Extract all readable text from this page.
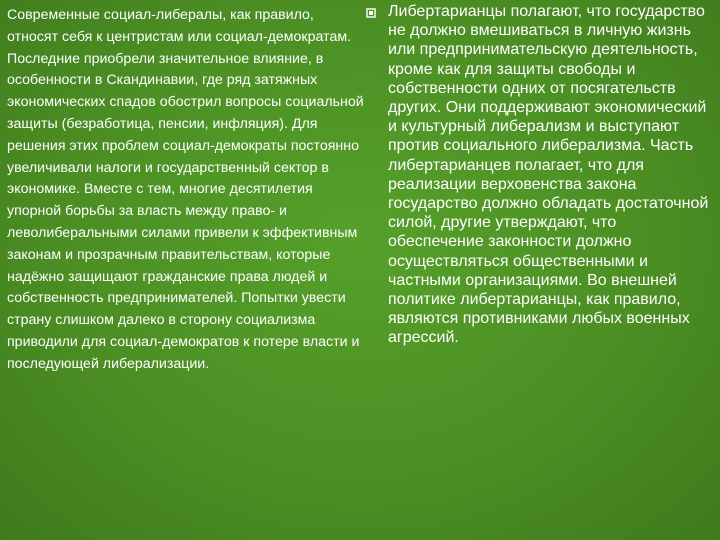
Современные социал-либералы, как правило, относят себя к центристам или социал-демократам. Последние приобрели значительное влияние, в особенности в Скандинавии, где ряд затяжных экономических спадов обострил вопросы социальной защиты (безработица, пенсии, инфляция). Для решения этих проблем социал-демократы постоянно увеличивали налоги и государственный сектор в экономике. Вместе с тем, многие десятилетия упорной борьбы за власть между право- и леволиберальными силами привели к эффективным законам и прозрачным правительствам, которые надёжно защищают гражданские права людей и собственность предпринимателей. Попытки увести страну слишком далеко в сторону социализма приводили для социал-демократов к потере власти и последующей либерализации.

Либертарианцы полагают, что государство не должно вмешиваться в личную жизнь или предпринимательскую деятельность, кроме как для защиты свободы и собственности одних от посягательств других. Они поддерживают экономический и культурный либерализм и выступают против социального либерализма. Часть либертарианцев полагает, что для реализации верховенства закона государство должно обладать достаточной силой, другие утверждают, что обеспечение законности должно осуществляться общественными и частными организациями. Во внешней политике либертарианцы, как правило, являются противниками любых военных агрессий.
